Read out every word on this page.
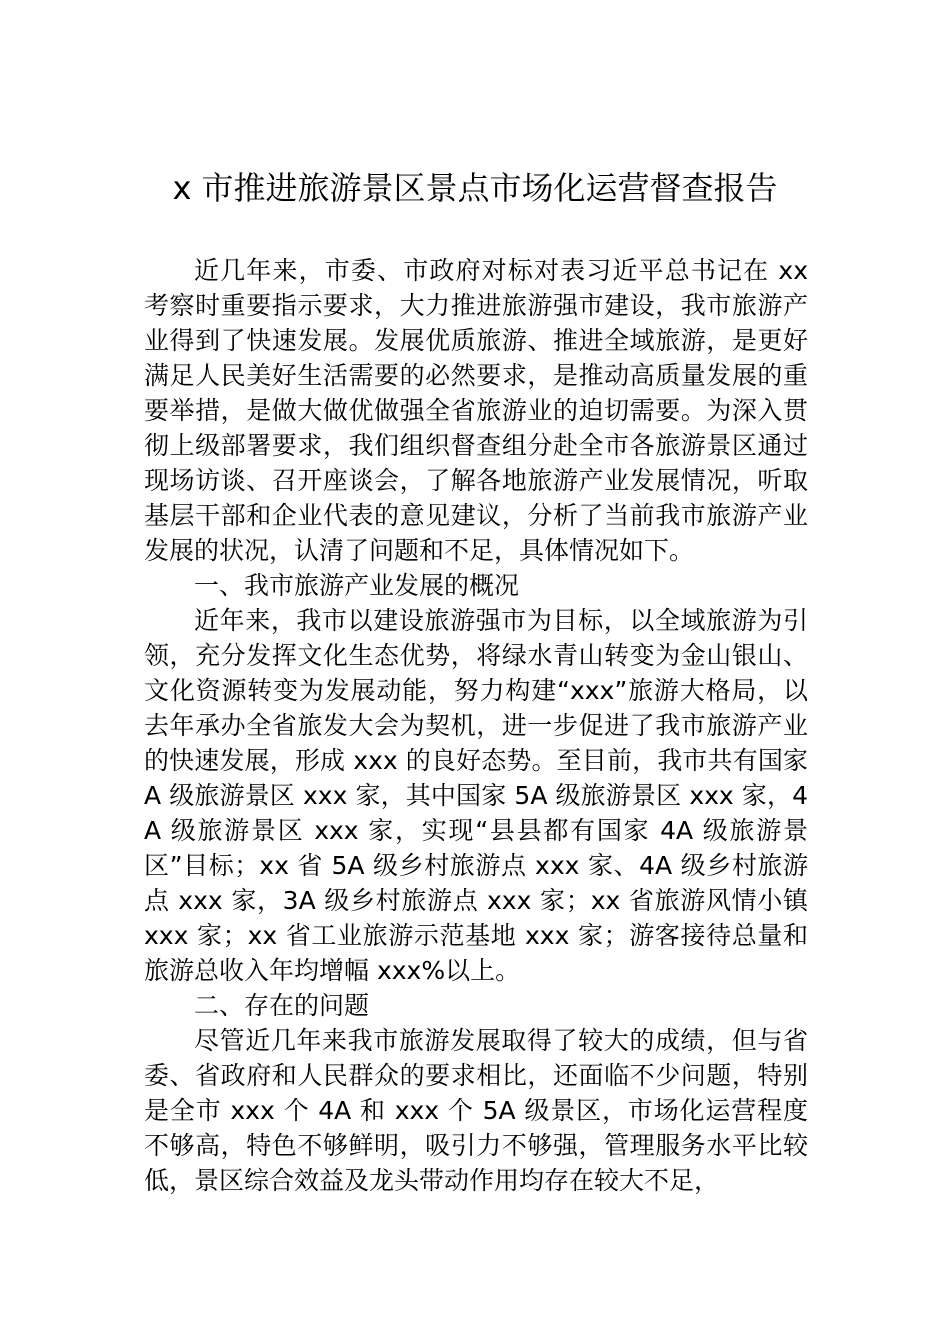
x 市推进旅游景区景点市场化运营督查报告

近几年来，市委、市政府对标对表习近平总书记在 xx 考察时重要指示要求，大力推进旅游强市建设，我市旅游产业得到了快速发展。发展优质旅游、推进全域旅游，是更好满足人民美好生活需要的必然要求，是推动高质量发展的重要举措，是做大做优做强全省旅游业的迫切需要。为深入贯彻上级部署要求，我们组织督查组分赴全市各旅游景区通过现场访谈、召开座谈会，了解各地旅游产业发展情况，听取基层干部和企业代表的意见建议，分析了当前我市旅游产业发展的状况，认清了问题和不足，具体情况如下。

一、我市旅游产业发展的概况

近年来，我市以建设旅游强市为目标，以全域旅游为引领，充分发挥文化生态优势，将绿水青山转变为金山银山、文化资源转变为发展动能，努力构建“xxx”旅游大格局，以去年承办全省旅发大会为契机，进一步促进了我市旅游产业的快速发展，形成 xxx 的良好态势。至目前，我市共有国家 A 级旅游景区 xxx 家，其中国家 5A 级旅游景区 xxx 家，4A 级旅游景区 xxx 家，实现“县县都有国家 4A 级旅游景区”目标；xx 省 5A 级乡村旅游点 xxx 家、4A 级乡村旅游点 xxx 家，3A 级乡村旅游点 xxx 家；xx 省旅游风情小镇 xxx 家；xx 省工业旅游示范基地 xxx 家；游客接待总量和旅游总收入年均增幅 xxx%以上。

二、存在的问题

尽管近几年来我市旅游发展取得了较大的成绩，但与省委、省政府和人民群众的要求相比，还面临不少问题，特别是全市 xxx 个 4A 和 xxx 个 5A 级景区，市场化运营程度不够高，特色不够鲜明，吸引力不够强，管理服务水平比较低，景区综合效益及龙头带动作用均存在较大不足，
